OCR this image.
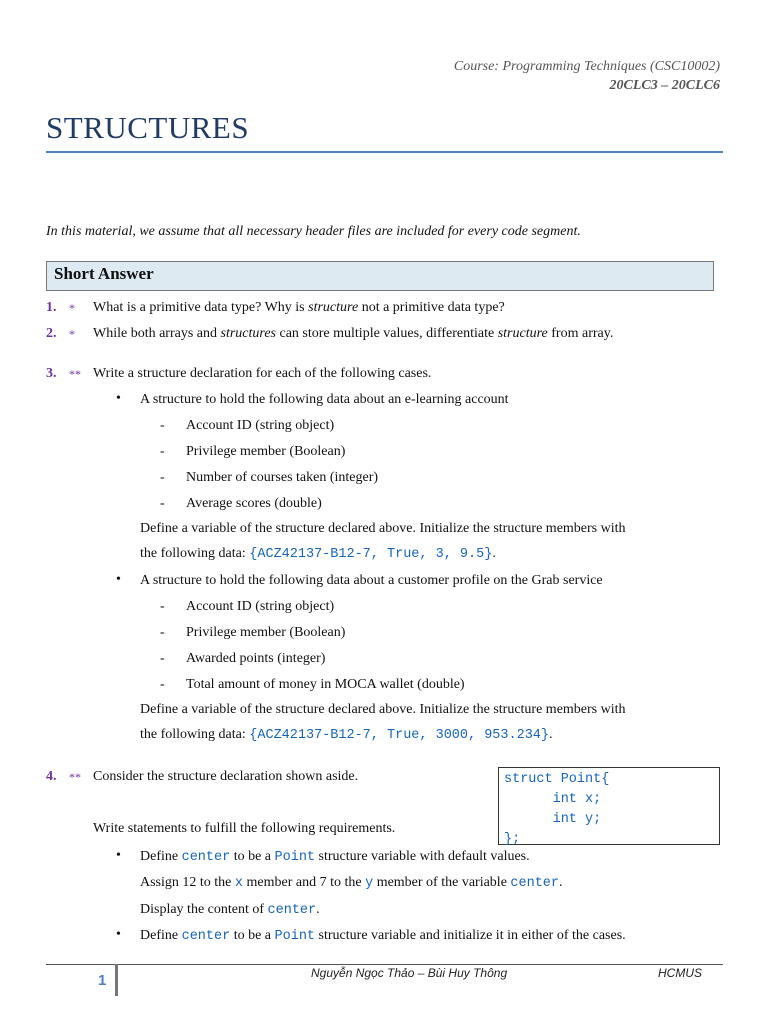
Course: Programming Techniques (CSC10002)
20CLC3 – 20CLC6
STRUCTURES
In this material, we assume that all necessary header files are included for every code segment.
Short Answer
1. * What is a primitive data type? Why is structure not a primitive data type?
2. * While both arrays and structures can store multiple values, differentiate structure from array.
3. ** Write a structure declaration for each of the following cases.
• A structure to hold the following data about an e-learning account
- Account ID (string object)
- Privilege member (Boolean)
- Number of courses taken (integer)
- Average scores (double)
Define a variable of the structure declared above. Initialize the structure members with
the following data: {ACZ42137-B12-7, True, 3, 9.5}.
• A structure to hold the following data about a customer profile on the Grab service
- Account ID (string object)
- Privilege member (Boolean)
- Awarded points (integer)
- Total amount of money in MOCA wallet (double)
Define a variable of the structure declared above. Initialize the structure members with
the following data: {ACZ42137-B12-7, True, 3000, 953.234}.
4. ** Consider the structure declaration shown aside.	struct Point{
int x;
int y;
};
Write statements to fulfill the following requirements.
• Define center to be a Point structure variable with default values.
Assign 12 to the x member and 7 to the y member of the variable center.
Display the content of center.
• Define center to be a Point structure variable and initialize it in either of the cases.
1	Nguyễn Ngọc Thảo – Bùi Huy Thông	HCMUS
